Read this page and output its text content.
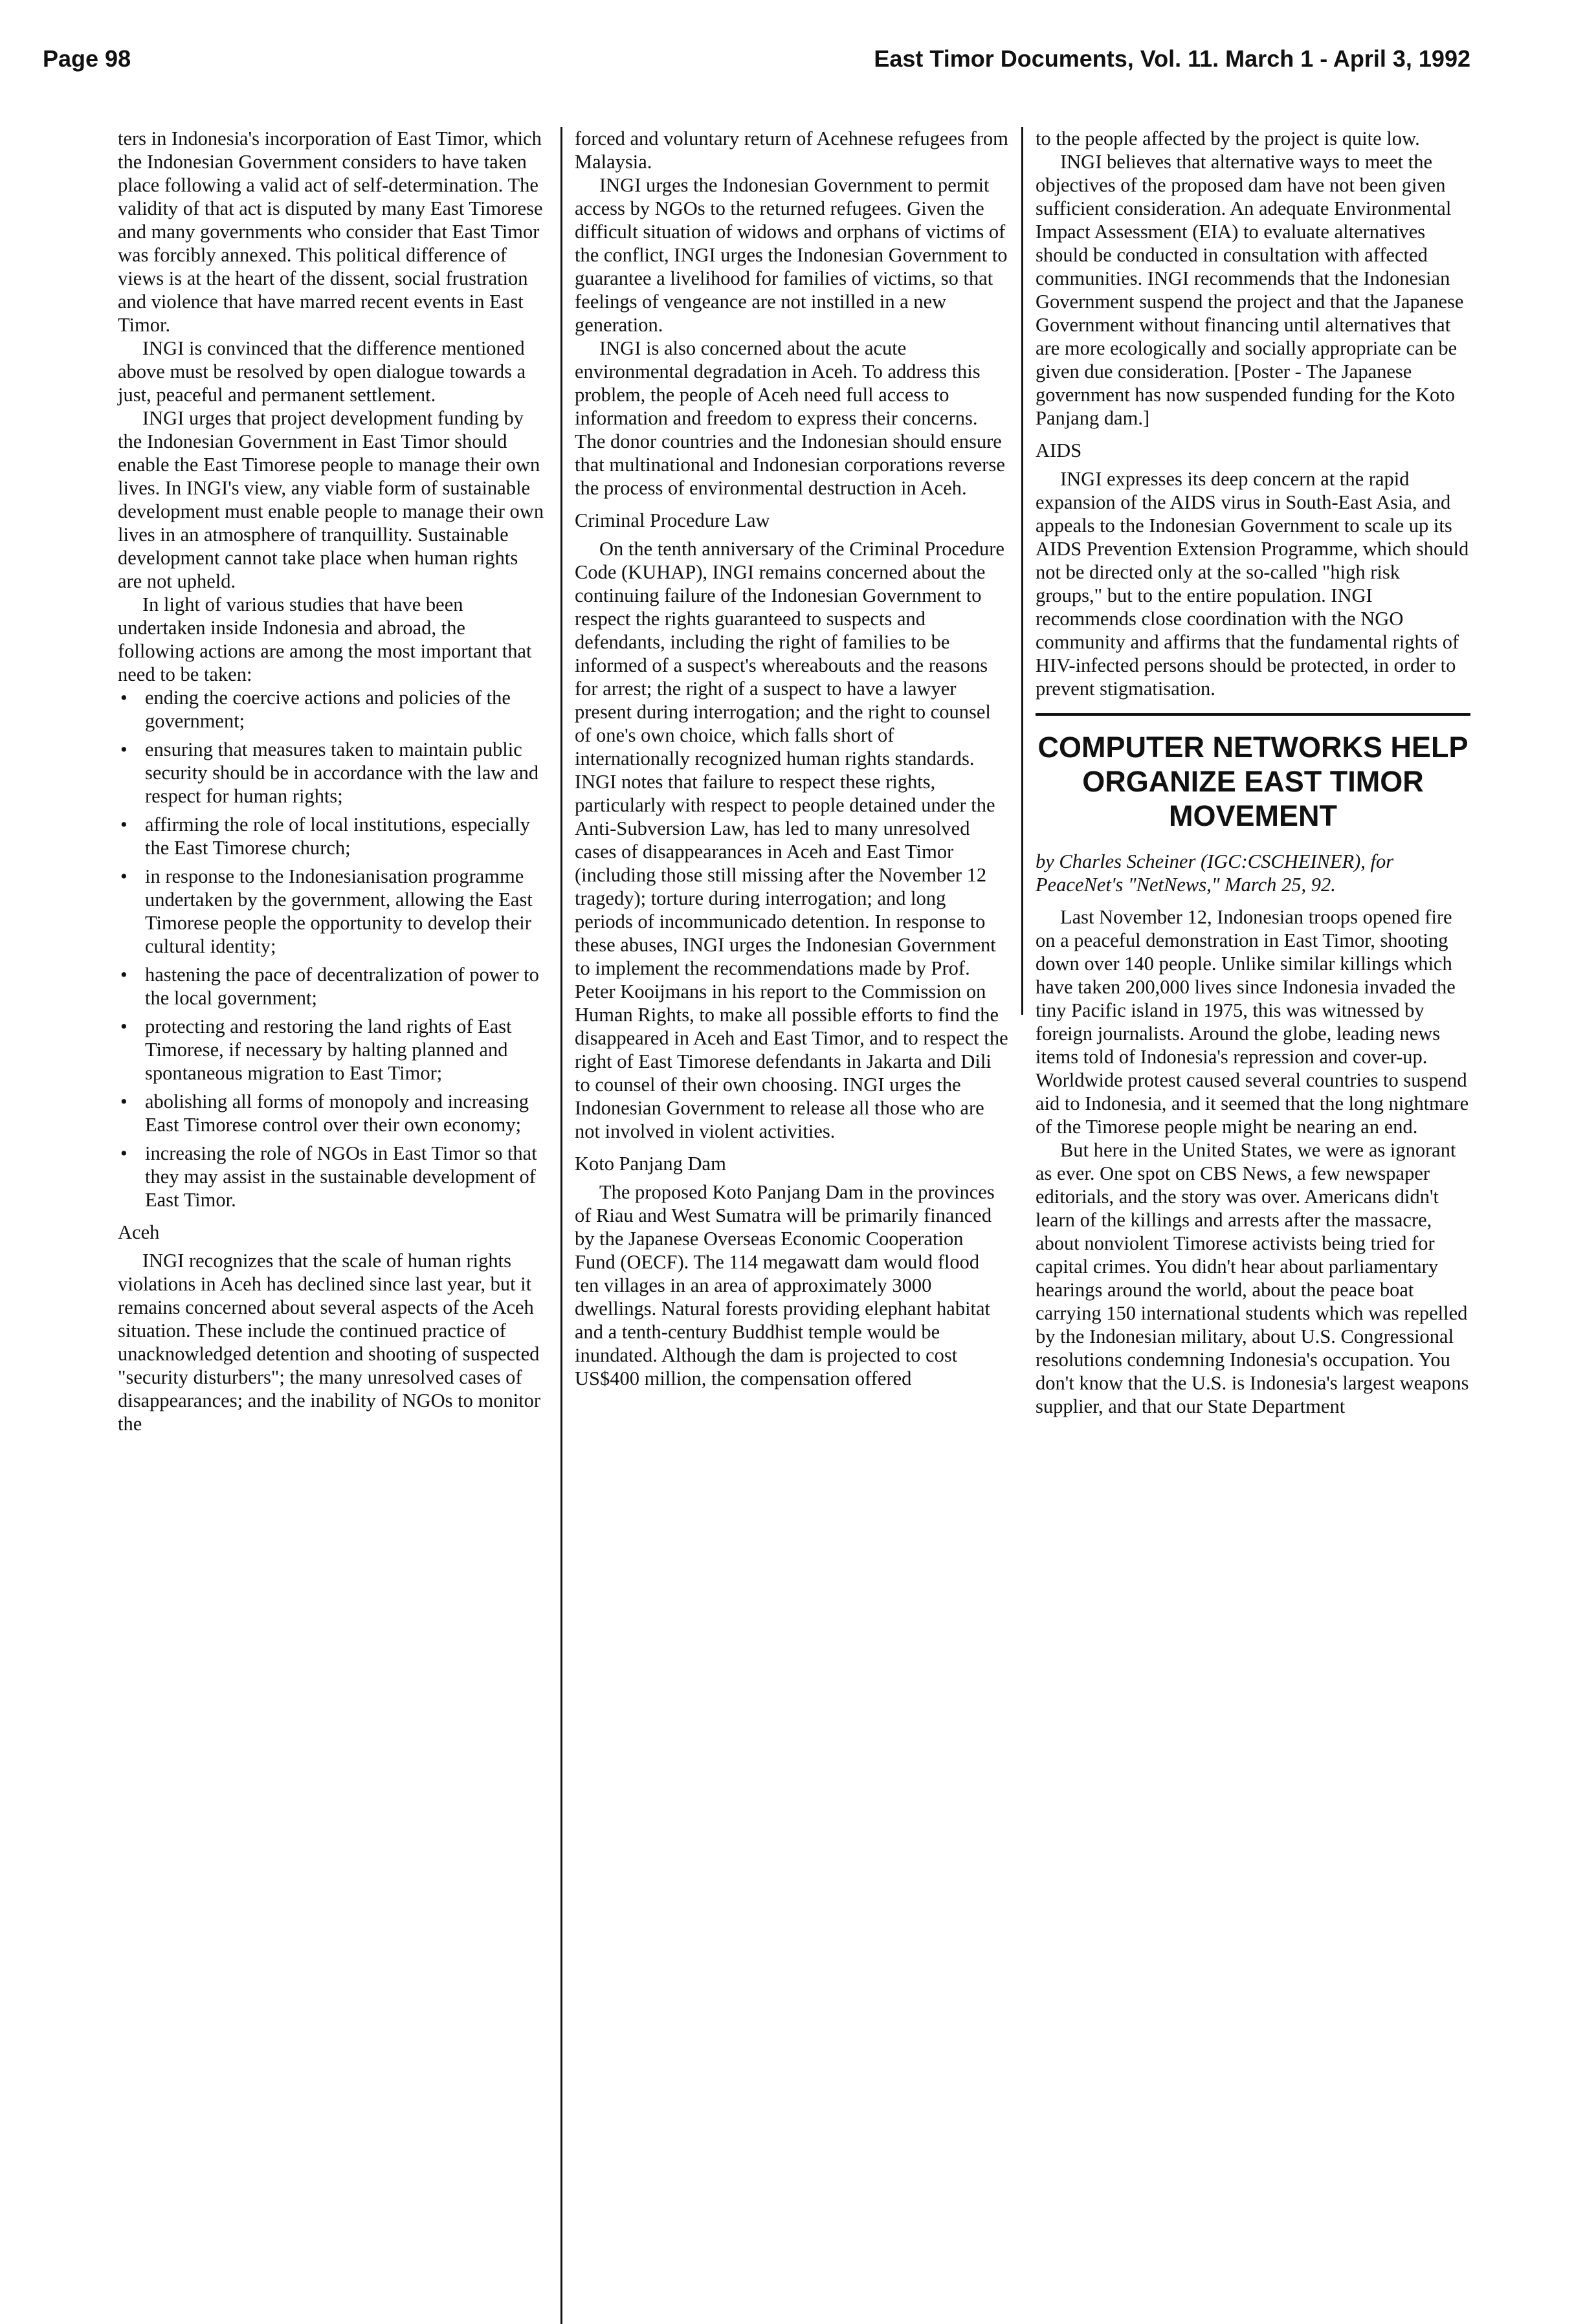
Page 98	East Timor Documents, Vol. 11. March 1 - April 3, 1992

ters in Indonesia's incorporation of East Timor, which the Indonesian Government considers to have taken place following a valid act of self-determination. The validity of that act is disputed by many East Timorese and many governments who consider that East Timor was forcibly annexed. This political difference of views is at the heart of the dissent, social frustration and violence that have marred recent events in East Timor.

INGI is convinced that the difference mentioned above must be resolved by open dialogue towards a just, peaceful and permanent settlement.

INGI urges that project development funding by the Indonesian Government in East Timor should enable the East Timorese people to manage their own lives. In INGI's view, any viable form of sustainable development must enable people to manage their own lives in an atmosphere of tranquillity. Sustainable development cannot take place when human rights are not upheld.

In light of various studies that have been undertaken inside Indonesia and abroad, the following actions are among the most important that need to be taken:

• ending the coercive actions and policies of the government;
• ensuring that measures taken to maintain public security should be in accordance with the law and respect for human rights;
• affirming the role of local institutions, especially the East Timorese church;
• in response to the Indonesianisation programme undertaken by the government, allowing the East Timorese people the opportunity to develop their cultural identity;
• hastening the pace of decentralization of power to the local government;
• protecting and restoring the land rights of East Timorese, if necessary by halting planned and spontaneous migration to East Timor;
• abolishing all forms of monopoly and increasing East Timorese control over their own economy;
• increasing the role of NGOs in East Timor so that they may assist in the sustainable development of East Timor.

Aceh

INGI recognizes that the scale of human rights violations in Aceh has declined since last year, but it remains concerned about several aspects of the Aceh situation. These include the continued practice of unacknowledged detention and shooting of suspected "security disturbers"; the many unresolved cases of disappearances; and the inability of NGOs to monitor the

forced and voluntary return of Acehnese refugees from Malaysia.

INGI urges the Indonesian Government to permit access by NGOs to the returned refugees. Given the difficult situation of widows and orphans of victims of the conflict, INGI urges the Indonesian Government to guarantee a livelihood for families of victims, so that feelings of vengeance are not instilled in a new generation.

INGI is also concerned about the acute environmental degradation in Aceh. To address this problem, the people of Aceh need full access to information and freedom to express their concerns. The donor countries and the Indonesian should ensure that multinational and Indonesian corporations reverse the process of environmental destruction in Aceh.

Criminal Procedure Law

On the tenth anniversary of the Criminal Procedure Code (KUHAP), INGI remains concerned about the continuing failure of the Indonesian Government to respect the rights guaranteed to suspects and defendants, including the right of families to be informed of a suspect's whereabouts and the reasons for arrest; the right of a suspect to have a lawyer present during interrogation; and the right to counsel of one's own choice, which falls short of internationally recognized human rights standards. INGI notes that failure to respect these rights, particularly with respect to people detained under the Anti-Subversion Law, has led to many unresolved cases of disappearances in Aceh and East Timor (including those still missing after the November 12 tragedy); torture during interrogation; and long periods of incommunicado detention. In response to these abuses, INGI urges the Indonesian Government to implement the recommendations made by Prof. Peter Kooijmans in his report to the Commission on Human Rights, to make all possible efforts to find the disappeared in Aceh and East Timor, and to respect the right of East Timorese defendants in Jakarta and Dili to counsel of their own choosing. INGI urges the Indonesian Government to release all those who are not involved in violent activities.

Koto Panjang Dam

The proposed Koto Panjang Dam in the provinces of Riau and West Sumatra will be primarily financed by the Japanese Overseas Economic Cooperation Fund (OECF). The 114 megawatt dam would flood ten villages in an area of approximately 3000 dwellings. Natural forests providing elephant habitat and a tenth-century Buddhist temple would be inundated. Although the dam is projected to cost US$400 million, the compensation offered

to the people affected by the project is quite low.

INGI believes that alternative ways to meet the objectives of the proposed dam have not been given sufficient consideration. An adequate Environmental Impact Assessment (EIA) to evaluate alternatives should be conducted in consultation with affected communities. INGI recommends that the Indonesian Government suspend the project and that the Japanese Government without financing until alternatives that are more ecologically and socially appropriate can be given due consideration. [Poster - The Japanese government has now suspended funding for the Koto Panjang dam.]

AIDS

INGI expresses its deep concern at the rapid expansion of the AIDS virus in South-East Asia, and appeals to the Indonesian Government to scale up its AIDS Prevention Extension Programme, which should not be directed only at the so-called "high risk groups," but to the entire population. INGI recommends close coordination with the NGO community and affirms that the fundamental rights of HIV-infected persons should be protected, in order to prevent stigmatisation.

COMPUTER NETWORKS HELP ORGANIZE EAST TIMOR MOVEMENT

by Charles Scheiner (IGC:CSCHEINER), for PeaceNet's "NetNews," March 25, 92.

Last November 12, Indonesian troops opened fire on a peaceful demonstration in East Timor, shooting down over 140 people. Unlike similar killings which have taken 200,000 lives since Indonesia invaded the tiny Pacific island in 1975, this was witnessed by foreign journalists. Around the globe, leading news items told of Indonesia's repression and cover-up. Worldwide protest caused several countries to suspend aid to Indonesia, and it seemed that the long nightmare of the Timorese people might be nearing an end.

But here in the United States, we were as ignorant as ever. One spot on CBS News, a few newspaper editorials, and the story was over. Americans didn't learn of the killings and arrests after the massacre, about nonviolent Timorese activists being tried for capital crimes. You didn't hear about parliamentary hearings around the world, about the peace boat carrying 150 international students which was repelled by the Indonesian military, about U.S. Congressional resolutions condemning Indonesia's occupation. You don't know that the U.S. is Indonesia's largest weapons supplier, and that our State Department
